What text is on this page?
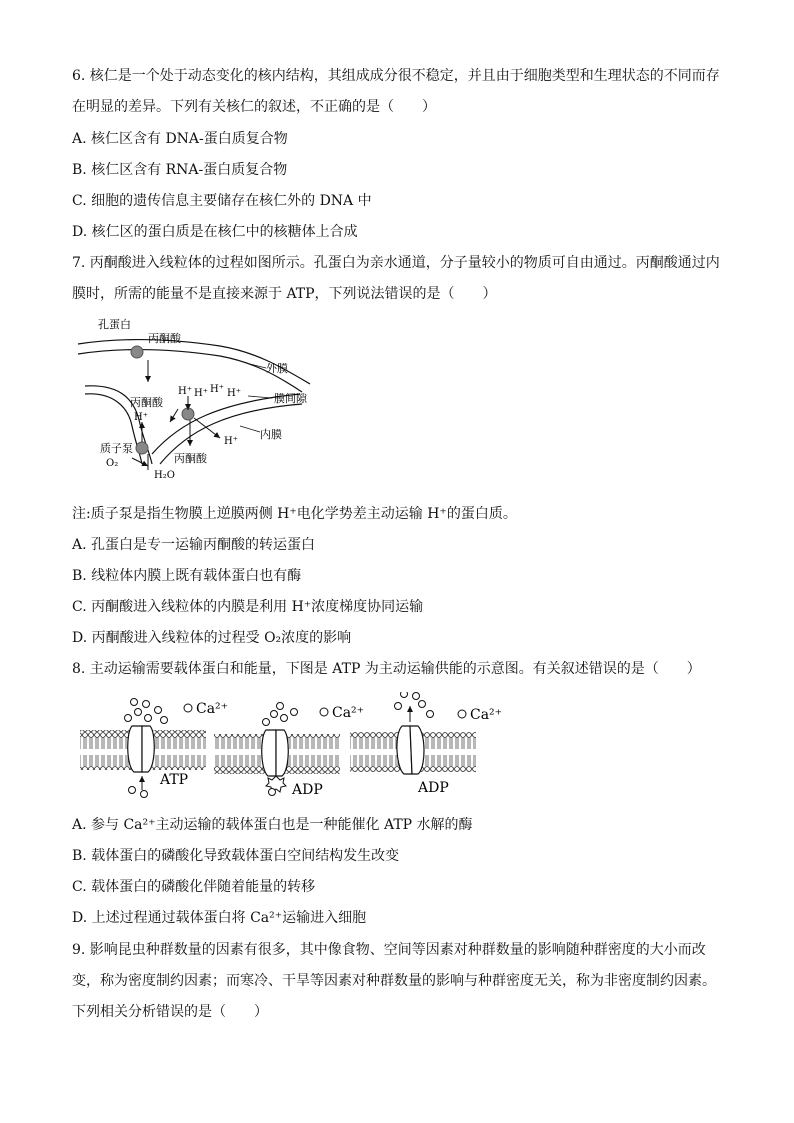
6. 核仁是一个处于动态变化的核内结构，其组成成分很不稳定，并且由于细胞类型和生理状态的不同而存
在明显的差异。下列有关核仁的叙述，不正确的是（　　）
A. 核仁区含有 DNA-蛋白质复合物
B. 核仁区含有 RNA-蛋白质复合物
C. 细胞的遗传信息主要储存在核仁外的 DNA 中
D. 核仁区的蛋白质是在核仁中的核糖体上合成
7. 丙酮酸进入线粒体的过程如图所示。孔蛋白为亲水通道，分子量较小的物质可自由通过。丙酮酸通过内
膜时，所需的能量不是直接来源于 ATP，下列说法错误的是（　　）
孔蛋白
丙酮酸
外膜
H⁺ H⁺ H⁺ H⁺	膜间隙
丙酮酸
H⁺
内膜
H⁺
质子泵
O₂	丙酮酸
H₂O
注:质子泵是指生物膜上逆膜两侧 H⁺电化学势差主动运输 H⁺的蛋白质。
A. 孔蛋白是专一运输丙酮酸的转运蛋白
B. 线粒体内膜上既有载体蛋白也有酶
C. 丙酮酸进入线粒体的内膜是利用 H⁺浓度梯度协同运输
D. 丙酮酸进入线粒体的过程受 O₂浓度的影响
8. 主动运输需要载体蛋白和能量，下图是 ATP 为主动运输供能的示意图。有关叙述错误的是（　　）
Ca²⁺
ATP
Ca²⁺
ADP
Ca²⁺
ADP
A. 参与 Ca²⁺主动运输的载体蛋白也是一种能催化 ATP 水解的酶
B. 载体蛋白的磷酸化导致载体蛋白空间结构发生改变
C. 载体蛋白的磷酸化伴随着能量的转移
D. 上述过程通过载体蛋白将 Ca²⁺运输进入细胞
9. 影响昆虫种群数量的因素有很多，其中像食物、空间等因素对种群数量的影响随种群密度的大小而改
变，称为密度制约因素；而寒冷、干旱等因素对种群数量的影响与种群密度无关，称为非密度制约因素。
下列相关分析错误的是（　　）
